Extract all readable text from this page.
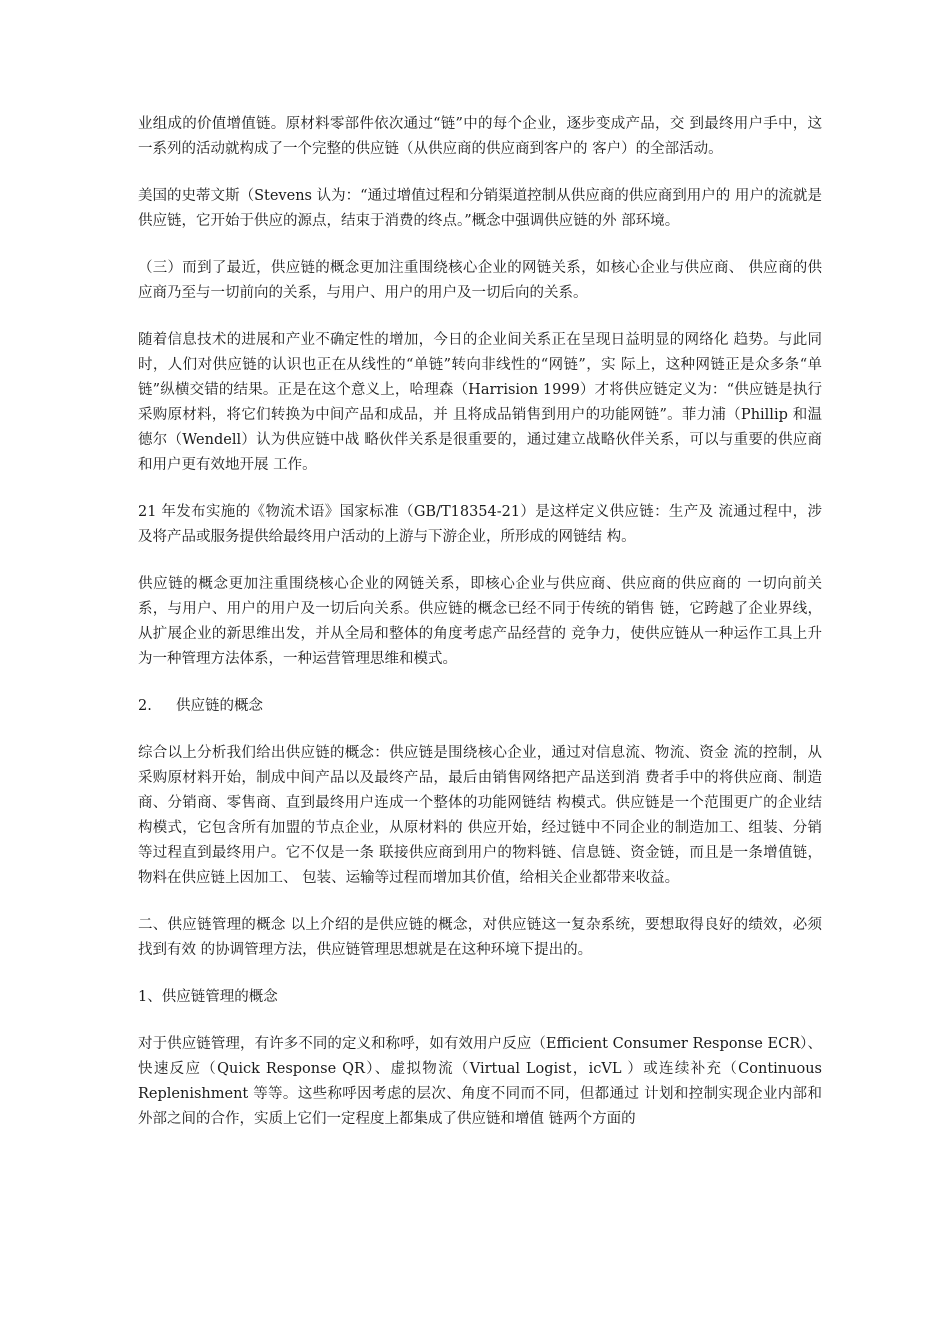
业组成的价值增值链。原材料零部件依次通过“链”中的每个企业，逐步变成产品，交 到最终用户手中，这一系列的活动就构成了一个完整的供应链（从供应商的供应商到客户的 客户）的全部活动。

美国的史蒂文斯（Stevens 认为：“通过增值过程和分销渠道控制从供应商的供应商到用户的 用户的流就是供应链，它开始于供应的源点，结束于消费的终点。”概念中强调供应链的外 部环境。

（三）而到了最近，供应链的概念更加注重围绕核心企业的网链关系，如核心企业与供应商、 供应商的供应商乃至与一切前向的关系，与用户、用户的用户及一切后向的关系。

随着信息技术的进展和产业不确定性的增加，今日的企业间关系正在呈现日益明显的网络化 趋势。与此同时，人们对供应链的认识也正在从线性的“单链”转向非线性的“网链”，实 际上，这种网链正是众多条“单链”纵横交错的结果。正是在这个意义上，哈理森（Harrision 1999）才将供应链定义为：“供应链是执行采购原材料，将它们转换为中间产品和成品，并 且将成品销售到用户的功能网链”。菲力浦（Phillip 和温德尔（Wendell）认为供应链中战 略伙伴关系是很重要的，通过建立战略伙伴关系，可以与重要的供应商和用户更有效地开展 工作。

21 年发布实施的《物流术语》国家标准（GB/T18354-21）是这样定义供应链：生产及 流通过程中，涉及将产品或服务提供给最终用户活动的上游与下游企业，所形成的网链结 构。

供应链的概念更加注重围绕核心企业的网链关系，即核心企业与供应商、供应商的供应商的 一切向前关系，与用户、用户的用户及一切后向关系。供应链的概念已经不同于传统的销售 链，它跨越了企业界线，从扩展企业的新思维出发，并从全局和整体的角度考虑产品经营的 竞争力，使供应链从一种运作工具上升为一种管理方法体系，一种运营管理思维和模式。

2. 供应链的概念

综合以上分析我们给出供应链的概念：供应链是围绕核心企业，通过对信息流、物流、资金 流的控制，从采购原材料开始，制成中间产品以及最终产品，最后由销售网络把产品送到消 费者手中的将供应商、制造商、分销商、零售商、直到最终用户连成一个整体的功能网链结 构模式。供应链是一个范围更广的企业结构模式，它包含所有加盟的节点企业，从原材料的 供应开始，经过链中不同企业的制造加工、组装、分销等过程直到最终用户。它不仅是一条 联接供应商到用户的物料链、信息链、资金链，而且是一条增值链，物料在供应链上因加工、 包装、运输等过程而增加其价值，给相关企业都带来收益。

二、供应链管理的概念 以上介绍的是供应链的概念，对供应链这一复杂系统，要想取得良好的绩效，必须找到有效 的协调管理方法，供应链管理思想就是在这种环境下提出的。

1、供应链管理的概念

对于供应链管理，有许多不同的定义和称呼，如有效用户反应（Efficient Consumer Response ECR）、快速反应（Quick Response QR）、虚拟物流（Virtual Logist，icVL ）或连续补充（Continuous Replenishment 等等。这些称呼因考虑的层次、角度不同而不同，但都通过 计划和控制实现企业内部和外部之间的合作，实质上它们一定程度上都集成了供应链和增值 链两个方面的
